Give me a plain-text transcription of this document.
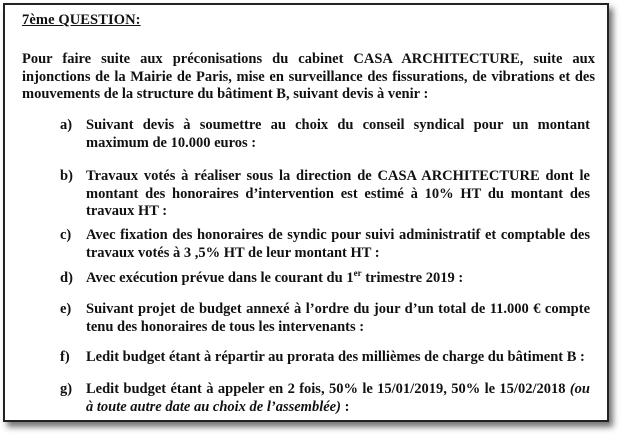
7ème QUESTION:
Pour faire suite aux préconisations du cabinet CASA ARCHITECTURE, suite aux injonctions de la Mairie de Paris, mise en surveillance des fissurations, de vibrations et des mouvements de la structure du bâtiment B, suivant devis à venir :
a) Suivant devis à soumettre au choix du conseil syndical pour un montant maximum de 10.000 euros :
b) Travaux votés à réaliser sous la direction de CASA ARCHITECTURE dont le montant des honoraires d’intervention est estimé à 10% HT du montant des travaux HT :
c) Avec fixation des honoraires de syndic pour suivi administratif et comptable des travaux votés à 3 ,5% HT de leur montant HT :
d) Avec exécution prévue dans le courant du 1er trimestre 2019 :
e) Suivant projet de budget annexé à l’ordre du jour d’un total de 11.000 € compte tenu des honoraires de tous les intervenants :
f) Ledit budget étant à répartir au prorata des millièmes de charge du bâtiment B :
g) Ledit budget étant à appeler en 2 fois, 50% le 15/01/2019, 50% le 15/02/2018 (ou à toute autre date au choix de l’assemblée) :
